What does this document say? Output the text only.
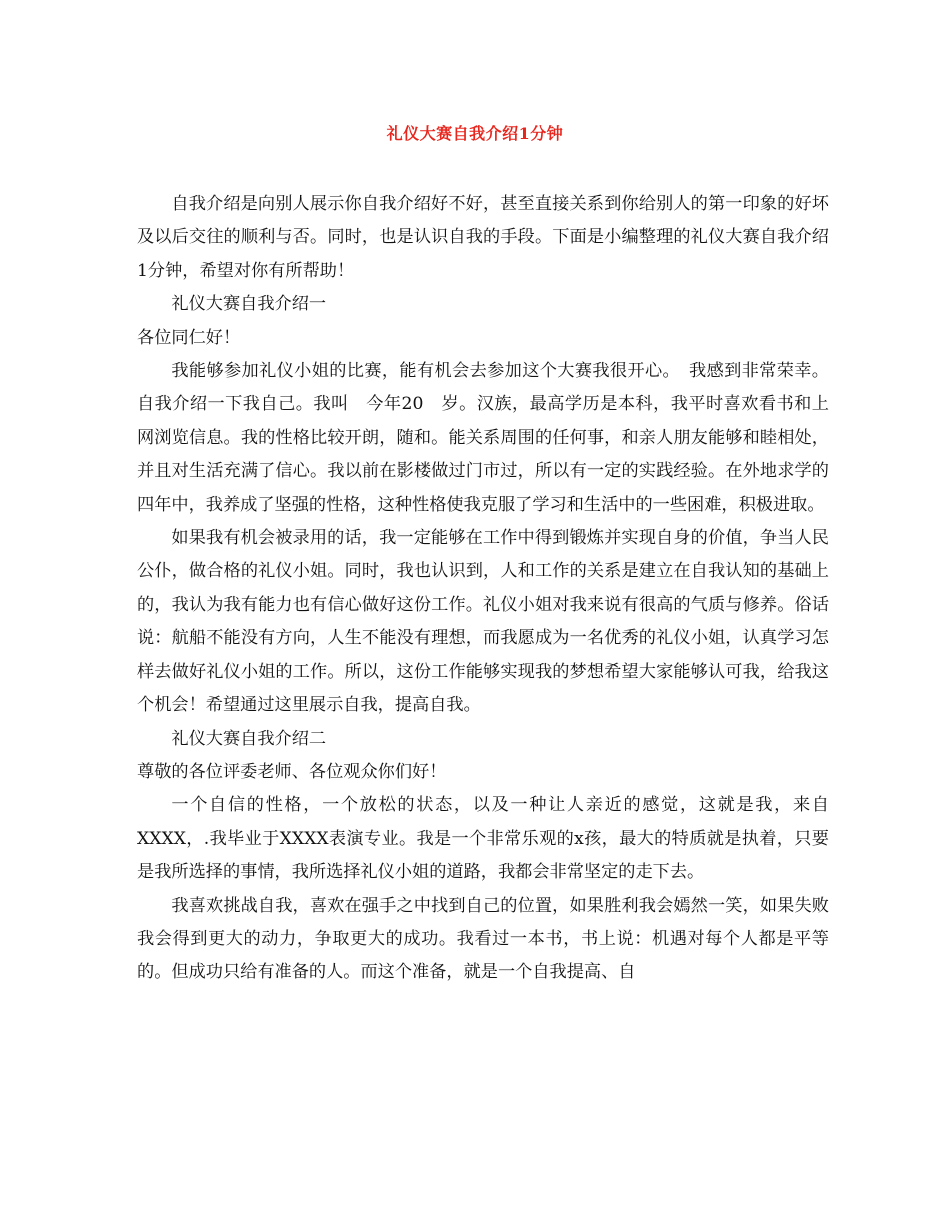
礼仪大赛自我介绍1分钟

自我介绍是向别人展示你自我介绍好不好，甚至直接关系到你给别人的第一印象的好坏及以后交往的顺利与否。同时，也是认识自我的手段。下面是小编整理的礼仪大赛自我介绍1分钟，希望对你有所帮助！

礼仪大赛自我介绍一

各位同仁好！

我能够参加礼仪小姐的比赛，能有机会去参加这个大赛我很开心。　我感到非常荣幸。自我介绍一下我自己。我叫　今年20　岁。汉族，最高学历是本科，我平时喜欢看书和上网浏览信息。我的性格比较开朗，随和。能关系周围的任何事，和亲人朋友能够和睦相处，并且对生活充满了信心。我以前在影楼做过门市过，所以有一定的实践经验。在外地求学的四年中，我养成了坚强的性格，这种性格使我克服了学习和生活中的一些困难，积极进取。

如果我有机会被录用的话，我一定能够在工作中得到锻炼并实现自身的价值，争当人民公仆，做合格的礼仪小姐。同时，我也认识到，人和工作的关系是建立在自我认知的基础上的，我认为我有能力也有信心做好这份工作。礼仪小姐对我来说有很高的气质与修养。俗话说：航船不能没有方向，人生不能没有理想，而我愿成为一名优秀的礼仪小姐，认真学习怎样去做好礼仪小姐的工作。所以，这份工作能够实现我的梦想希望大家能够认可我，给我这个机会！希望通过这里展示自我，提高自我。

礼仪大赛自我介绍二

尊敬的各位评委老师、各位观众你们好！

一个自信的性格，一个放松的状态，以及一种让人亲近的感觉，这就是我，来自XXXX，.我毕业于XXXX表演专业。我是一个非常乐观的x孩，最大的特质就是执着，只要是我所选择的事情，我所选择礼仪小姐的道路，我都会非常坚定的走下去。

我喜欢挑战自我，喜欢在强手之中找到自己的位置，如果胜利我会嫣然一笑，如果失败我会得到更大的动力，争取更大的成功。我看过一本书，书上说：机遇对每个人都是平等的。但成功只给有准备的人。而这个准备，就是一个自我提高、自
